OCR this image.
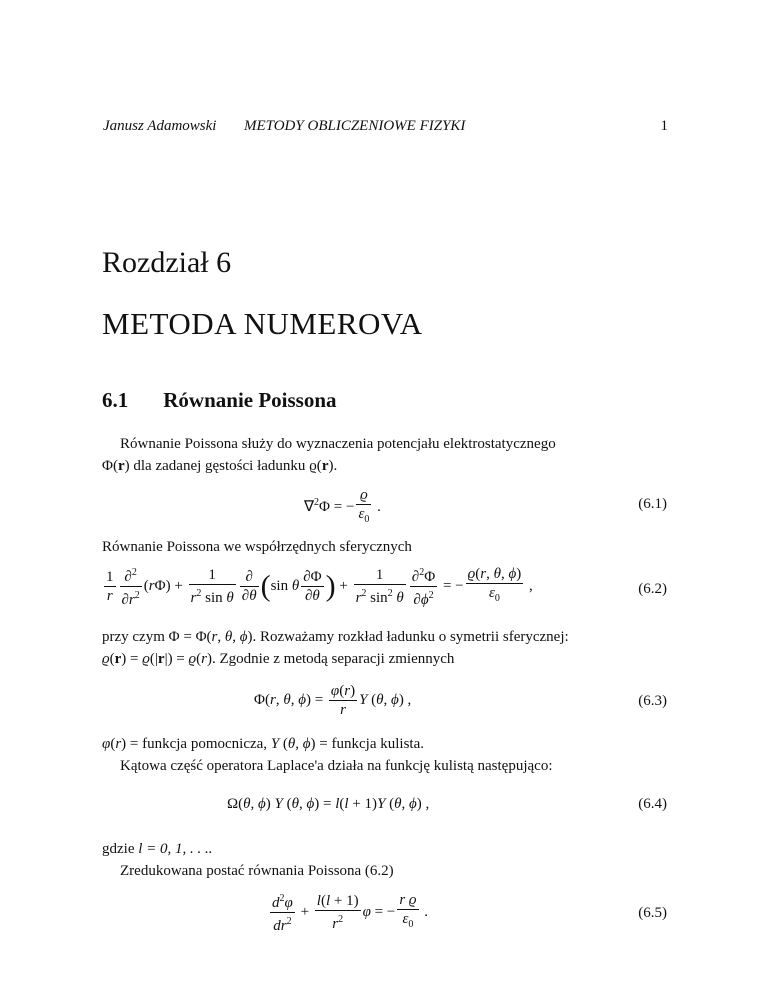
Janusz Adamowski METODY OBLICZENIOWE FIZYKI	1
Rozdział 6
METODA NUMEROVA
6.1 Równanie Poissona
Równanie Poissona służy do wyznaczenia potencjału elektrostatycznego
Φ(r) dla zadanej gęstości ładunku ϱ(r).
∇$^2$Φ = − $\frac{ϱ}{\varepsilon_0}$ .	(6.1)
Równanie Poissona we współrzędnych sferycznych
$\frac{1}{r} \frac{\partial^2}{\partial r^2} (r\Phi) + \frac{1}{r^2 \sin \theta} \frac{\partial}{\partial\theta} (\sin$ θ $\frac{\partial\Phi}{\partial\theta}$ ) + $\frac{1}{r^2 \sin^2 \theta} \frac{\partial^2\Phi}{\partial\phi^2}$ = − $\frac{ϱ(r, \theta, \phi)}{\varepsilon_0}$ ,	(6.2)
przy czym Φ = Φ(r, θ, ϕ). Rozważamy rozkład ładunku o symetrii sferycznej:
ϱ(r) = ϱ(|r|) = ϱ(r). Zgodnie z metodą separacji zmiennych
Φ(r, θ, $\phi) = \frac{\varphi(r)}{r}$ Y (θ, ϕ) ,	(6.3)
φ(r) = funkcja pomocnicza, Y (θ, ϕ) = funkcja kulista.
Kątowa część operatora Laplace'a działa na funkcję kulistą następująco:
Ω(θ, ϕ) Y (θ, ϕ) = l(l + 1)Y (θ, ϕ) ,	(6.4)
gdzie l = 0, 1, . . ..
Zredukowana postać równania Poissona (6.2)
$\frac{d^2\varphi}{dr^2} + \frac{l(l + 1)}{r^2}$ φ = − $\frac{\text{r ϱ}}{\varepsilon_0}$ .	(6.5)
